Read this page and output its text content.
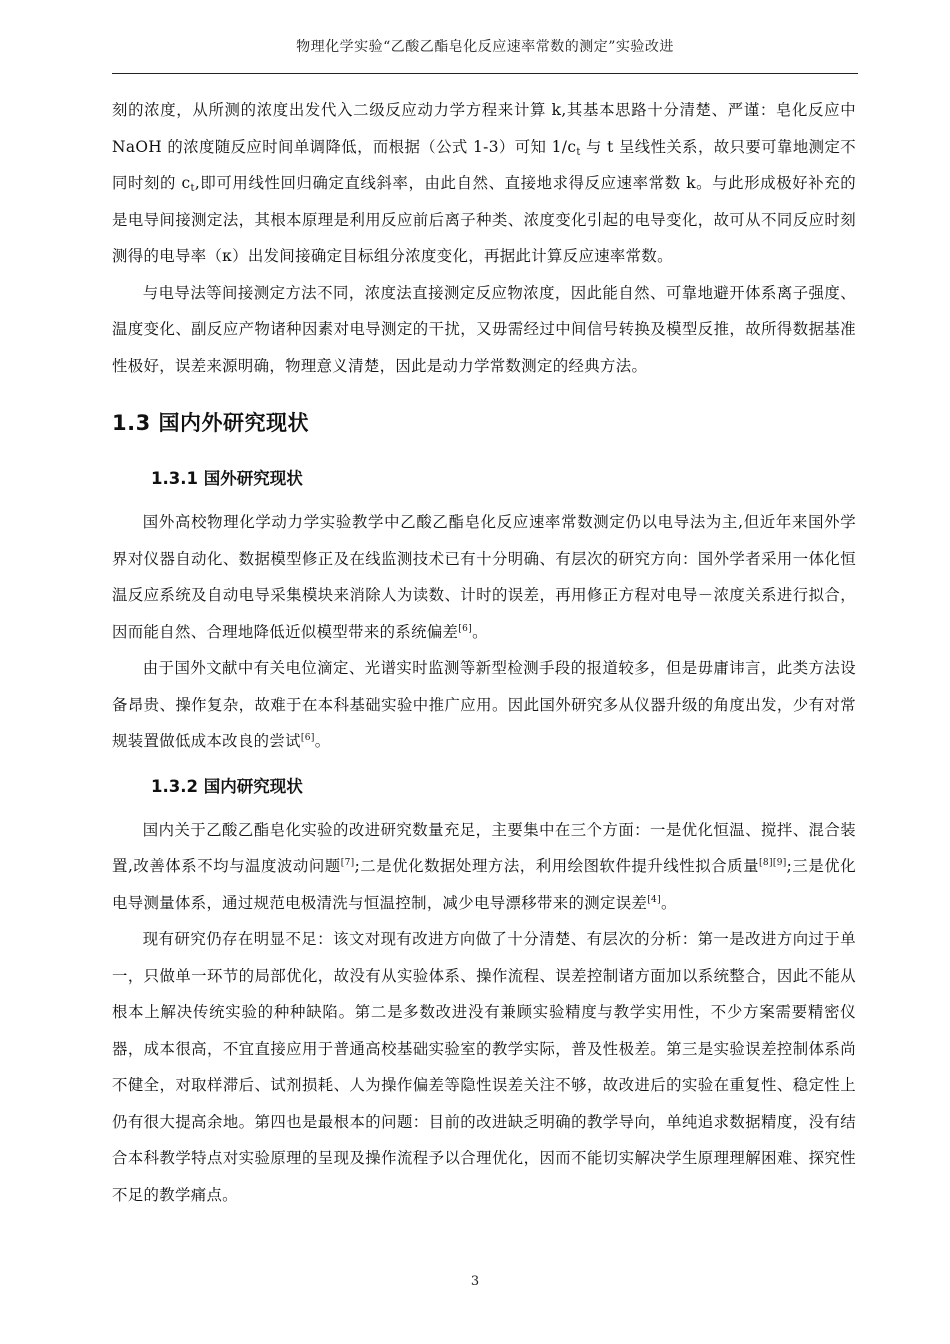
物理化学实验“乙酸乙酯皂化反应速率常数的测定”实验改进

刻的浓度，从所测的浓度出发代入二级反应动力学方程来计算 k,其基本思路十分清楚、严谨：皂化反应中 NaOH 的浓度随反应时间单调降低，而根据（公式 1-3）可知 $1/c_t$ 与 t 呈线性关系，故只要可靠地测定不同时刻的 $c_t$,即可用线性回归确定直线斜率，由此自然、直接地求得反应速率常数 k。与此形成极好补充的是电导间接测定法，其根本原理是利用反应前后离子种类、浓度变化引起的电导变化，故可从不同反应时刻测得的电导率（κ）出发间接确定目标组分浓度变化，再据此计算反应速率常数。

与电导法等间接测定方法不同，浓度法直接测定反应物浓度，因此能自然、可靠地避开体系离子强度、温度变化、副反应产物诸种因素对电导测定的干扰，又毋需经过中间信号转换及模型反推，故所得数据基准性极好，误差来源明确，物理意义清楚，因此是动力学常数测定的经典方法。

1.3 国内外研究现状
1.3.1 国外研究现状

国外高校物理化学动力学实验教学中乙酸乙酯皂化反应速率常数测定仍以电导法为主,但近年来国外学界对仪器自动化、数据模型修正及在线监测技术已有十分明确、有层次的研究方向：国外学者采用一体化恒温反应系统及自动电导采集模块来消除人为读数、计时的误差，再用修正方程对电导－浓度关系进行拟合，因而能自然、合理地降低近似模型带来的系统偏差[6]。

由于国外文献中有关电位滴定、光谱实时监测等新型检测手段的报道较多，但是毋庸讳言，此类方法设备昂贵、操作复杂，故难于在本科基础实验中推广应用。因此国外研究多从仪器升级的角度出发，少有对常规装置做低成本改良的尝试[6]。

1.3.2 国内研究现状

国内关于乙酸乙酯皂化实验的改进研究数量充足，主要集中在三个方面：一是优化恒温、搅拌、混合装置,改善体系不均与温度波动问题[7];二是优化数据处理方法，利用绘图软件提升线性拟合质量[8][9];三是优化电导测量体系，通过规范电极清洗与恒温控制，减少电导漂移带来的测定误差[4]。

现有研究仍存在明显不足：该文对现有改进方向做了十分清楚、有层次的分析：第一是改进方向过于单一，只做单一环节的局部优化，故没有从实验体系、操作流程、误差控制诸方面加以系统整合，因此不能从根本上解决传统实验的种种缺陷。第二是多数改进没有兼顾实验精度与教学实用性，不少方案需要精密仪器，成本很高，不宜直接应用于普通高校基础实验室的教学实际，普及性极差。第三是实验误差控制体系尚不健全，对取样滞后、试剂损耗、人为操作偏差等隐性误差关注不够，故改进后的实验在重复性、稳定性上仍有很大提高余地。第四也是最根本的问题：目前的改进缺乏明确的教学导向，单纯追求数据精度，没有结合本科教学特点对实验原理的呈现及操作流程予以合理优化，因而不能切实解决学生原理理解困难、探究性不足的教学痛点。

3
